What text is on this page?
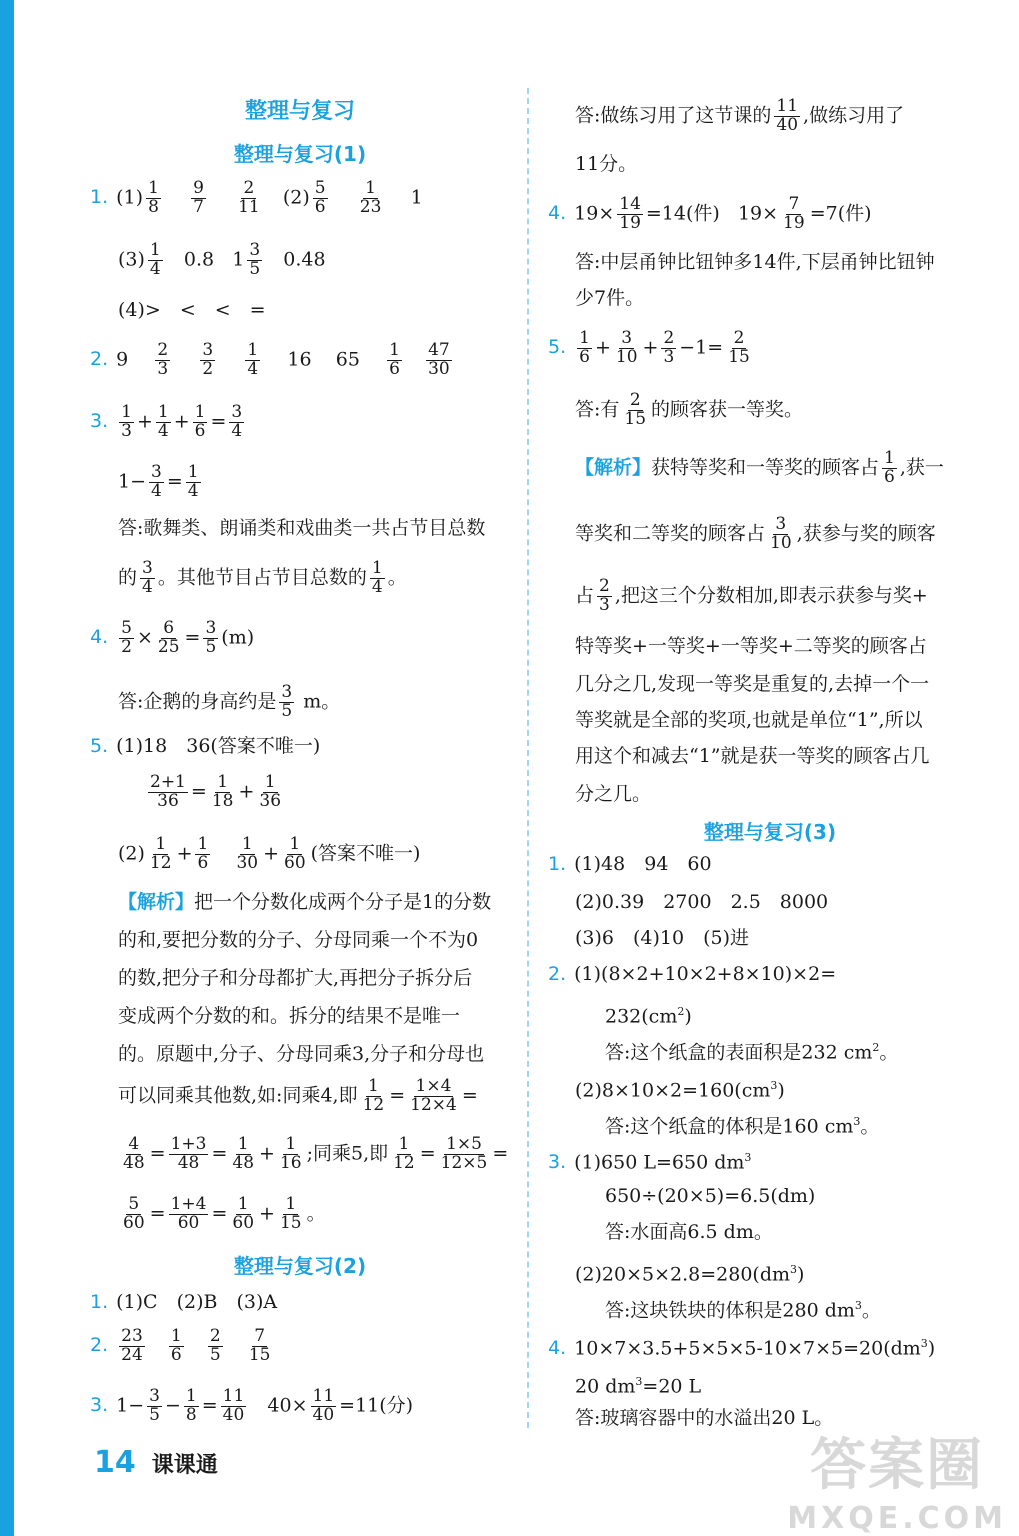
整理与复习
整理与复习(1)
1. $(1) \frac{1}{8}$
$\frac{9}{7}$
$\frac{2}{11} (2) \frac{5}{6}$
$\frac{1}{23} 1$
$(3) \frac{1}{4} 0.8$ $1 \frac{3}{5} 0.48$
(4)>　<　<　=
2. $9 \frac{2}{3}$
$\frac{3}{2}$
$\frac{1}{4} 16$ $65 \frac{1}{6}$
$\frac{47}{30}$
3. $\frac{1}{3} + \frac{1}{4} + \frac{1}{6} = \frac{3}{4}$
$1- \frac{3}{4} = \frac{1}{4}$
答:歌舞类、朗诵类和戏曲类一共占节目总数
的 $\frac{3}{4}$ 。其他节目占节目总数的 $\frac{1}{4}$ 。
4. $\frac{5}{2} \times \frac{6}{25} = \frac{3}{5} (m)$
答:企鹅的身高约是 $\frac{3}{5}$ m。
5. (1)18　36(答案不唯一)
$\frac{2+1}{36} = \frac{1}{18} + \frac{1}{36}$
$(2) \frac{1}{12} + \frac{1}{6}$
$\frac{1}{30} + \frac{1}{60}$ (答案不唯一)
【解析】把一个分数化成两个分子是1的分数
的和,要把分数的分子、分母同乘一个不为0
的数,把分子和分母都扩大,再把分子拆分后
变成两个分数的和。拆分的结果不是唯一
的。原题中,分子、分母同乘3,分子和分母也
可以同乘其他数,如:同乘4,即 $\frac{1}{12} = \frac{1\times 4}{12\times 4}$ =
$\frac{4}{48} = \frac{1+3}{48} = \frac{1}{48} + \frac{1}{16}$ ;同乘5,即 $\frac{1}{12} = \frac{1\times 5}{12\times 5}$ =
$\frac{5}{60} = \frac{1+4}{60} = \frac{1}{60} + \frac{1}{15}$ 。
整理与复习(2)
1. (1)C　(2)B　(3)A
2. $\frac{23}{24}$
$\frac{1}{6}$
$\frac{2}{5}$
$\frac{7}{15}$
3. $1- \frac{3}{5} - \frac{1}{8} = \frac{11}{40} 40\times \frac{11}{40} =11$(分)
答:做练习用了这节课的 $\frac{11}{40}$ ,做练习用了
11分。
4. $19\times \frac{14}{19} =14$(件)   $19\times \frac{7}{19} =7$(件)
答:中层甬钟比钮钟多14件,下层甬钟比钮钟
少7件。
5. $\frac{1}{6} + \frac{3}{10} + \frac{2}{3} -1= \frac{2}{15}$
答:有 $\frac{2}{15}$ 的顾客获一等奖。
【解析】获特等奖和一等奖的顾客占 $\frac{1}{6}$ ,获一
等奖和二等奖的顾客占 $\frac{3}{10}$ ,获参与奖的顾客
占 $\frac{2}{3}$ ,把这三个分数相加,即表示获参与奖+
特等奖+一等奖+一等奖+二等奖的顾客占
几分之几,发现一等奖是重复的,去掉一个一
等奖就是全部的奖项,也就是单位“1”,所以
用这个和减去“1”就是获一等奖的顾客占几
分之几。
整理与复习(3)
1. (1)48　94　60
(2)0.39　2700　2.5　8000
(3)6　(4)10　(5)进
2. (1)(8×2+10×2+8×10)×2=
$232(cm^2)$
答:这个纸盒的表面积是232 $cm^2$。
$(2)8\times 10\times 2=160(cm^3)$
答:这个纸盒的体积是160 $cm^3$。
3. (1)650 L=650 $dm^3$
650÷(20×5)=6.5(dm)
答:水面高6.5 dm。
$(2)20\times 5\times 2.8=280(dm^3)$
答:这块铁块的体积是280 $dm^3$。
4. $10\times 7\times 3.5+5\times 5\times 5-10\times 7\times 5=20(dm^3)$
20 $dm^3=20$ L
答:玻璃容器中的水溢出20 L。
14 课课通	答案圈
MXQE.COM
